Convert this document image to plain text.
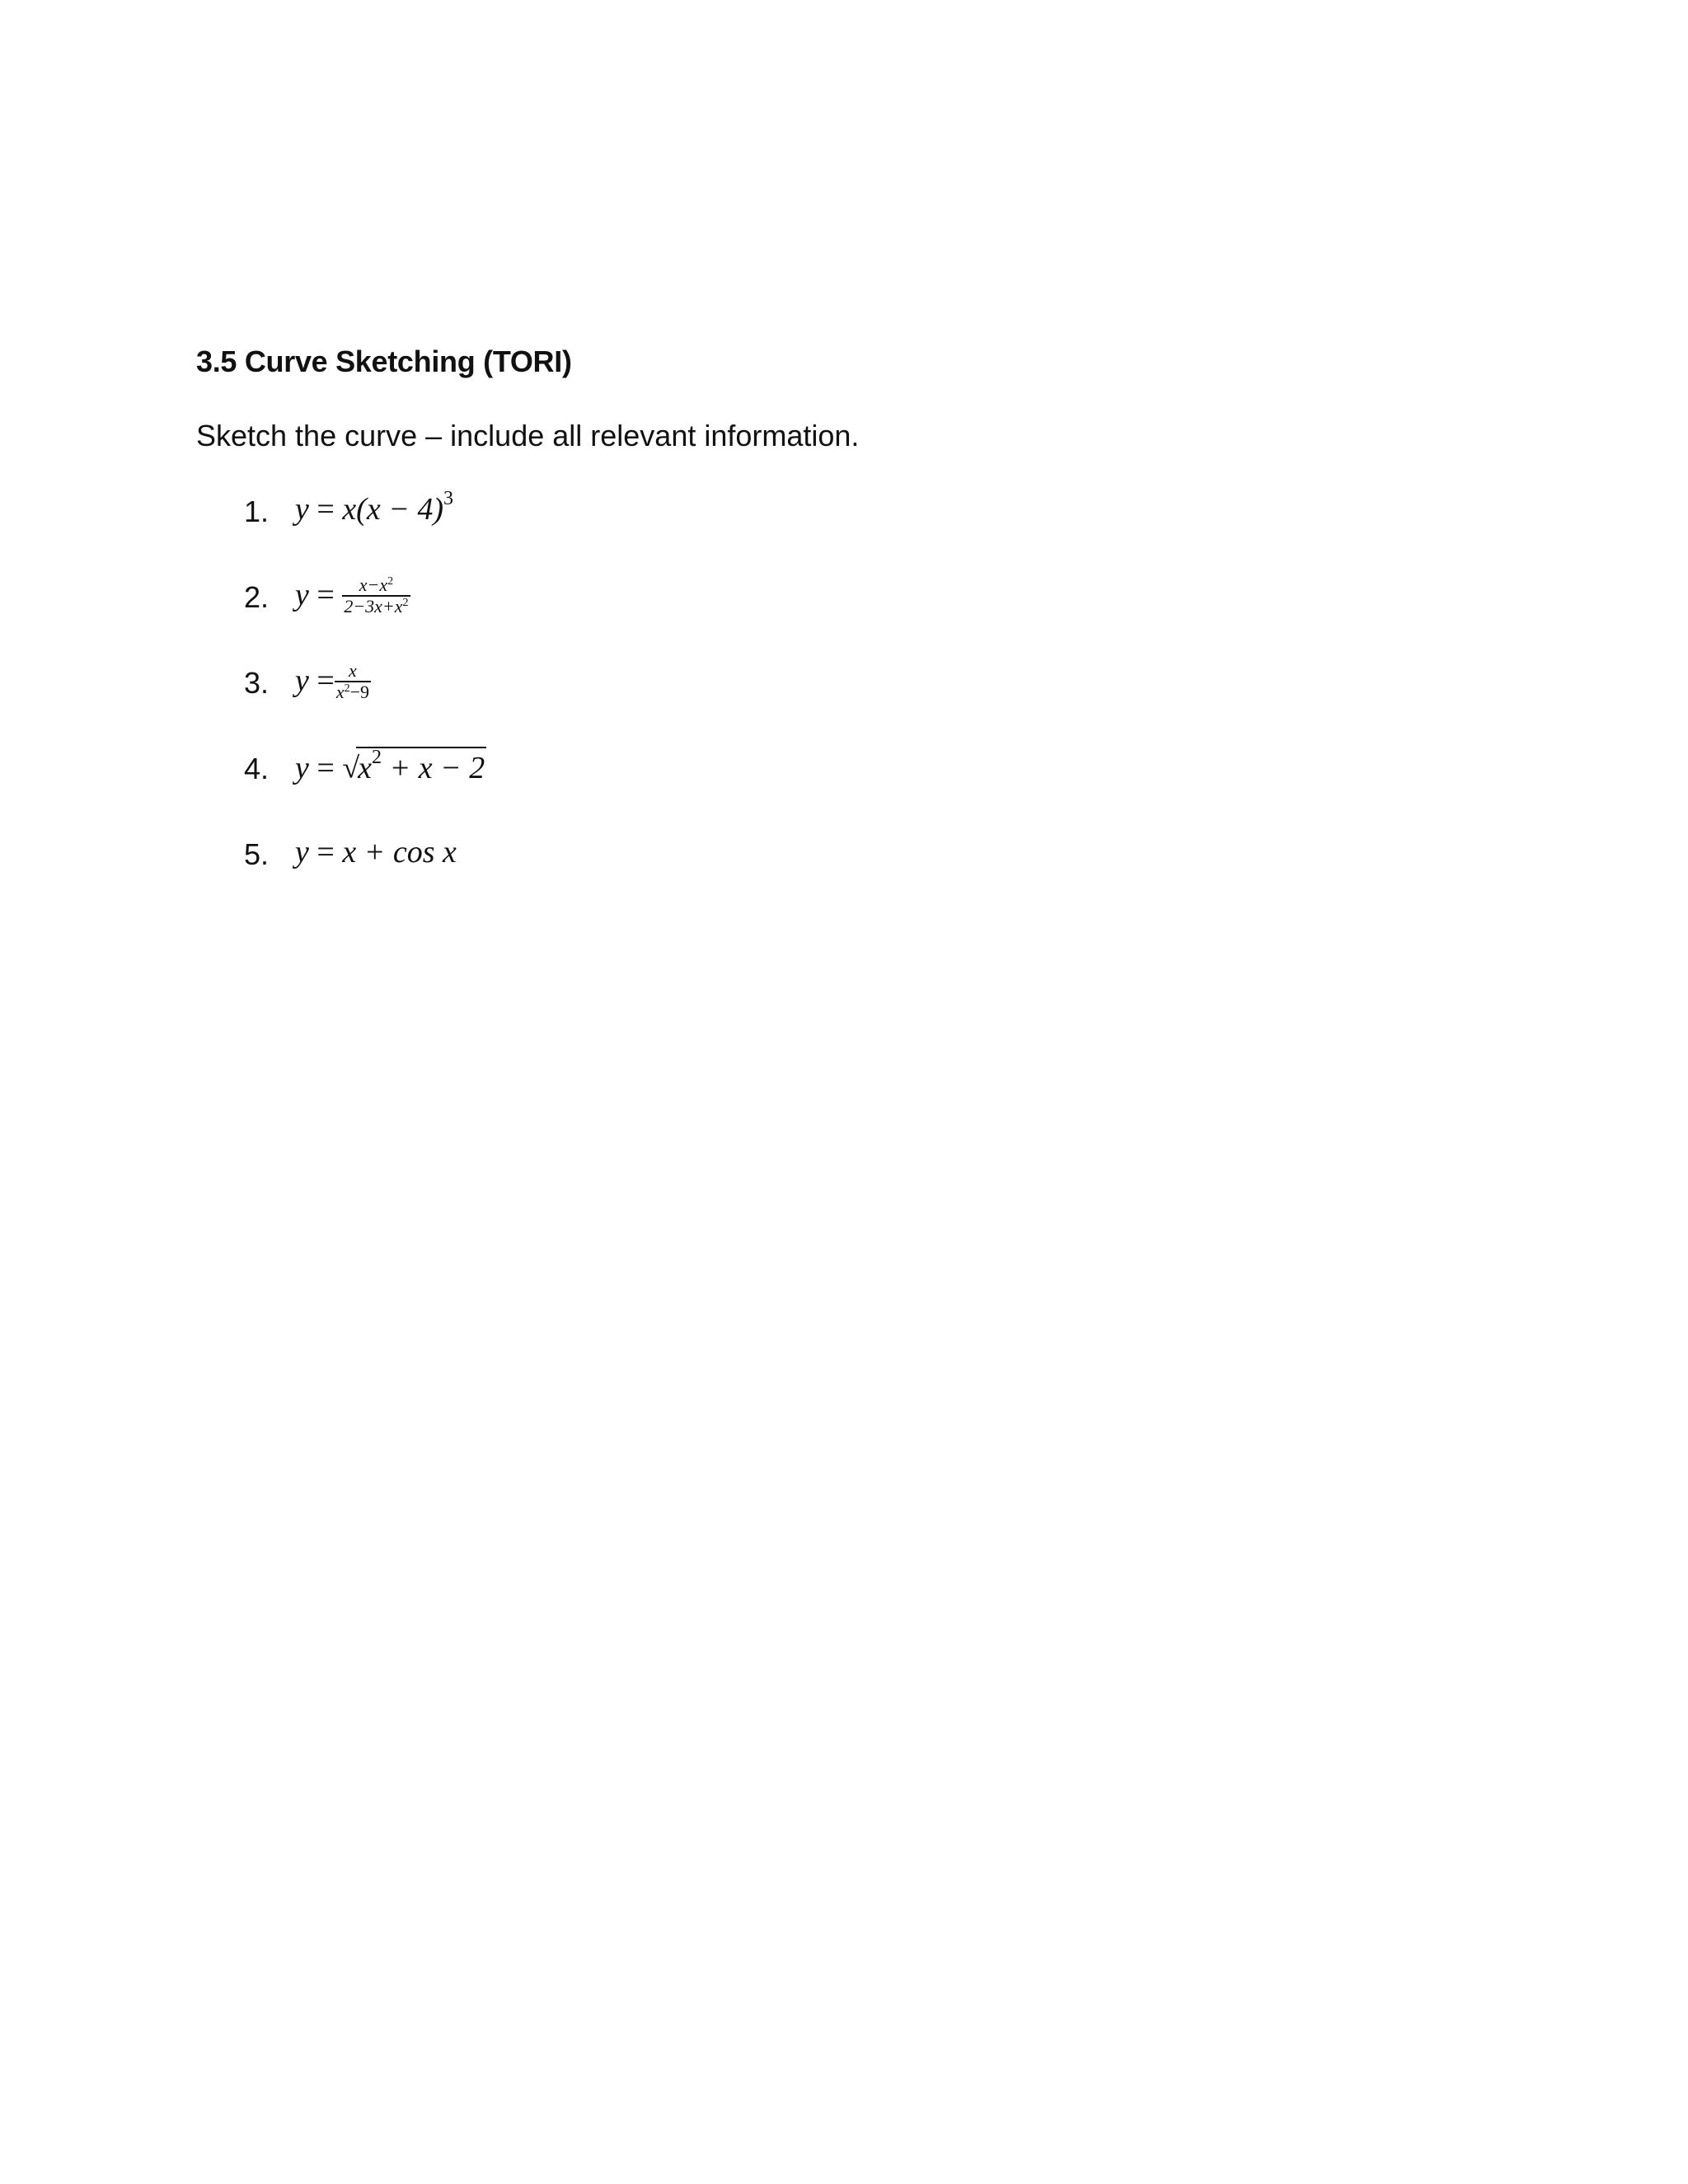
3.5 Curve Sketching (TORI)
Sketch the curve – include all relevant information.
1. $y = x(x - 4)^3$
2. $y = \frac{x-x^2}{2-3x+x^2}$
3. $y = \frac{x}{x^2-9}$
4. $y = √x^2 + x - 2$
5. y = x + cos x
